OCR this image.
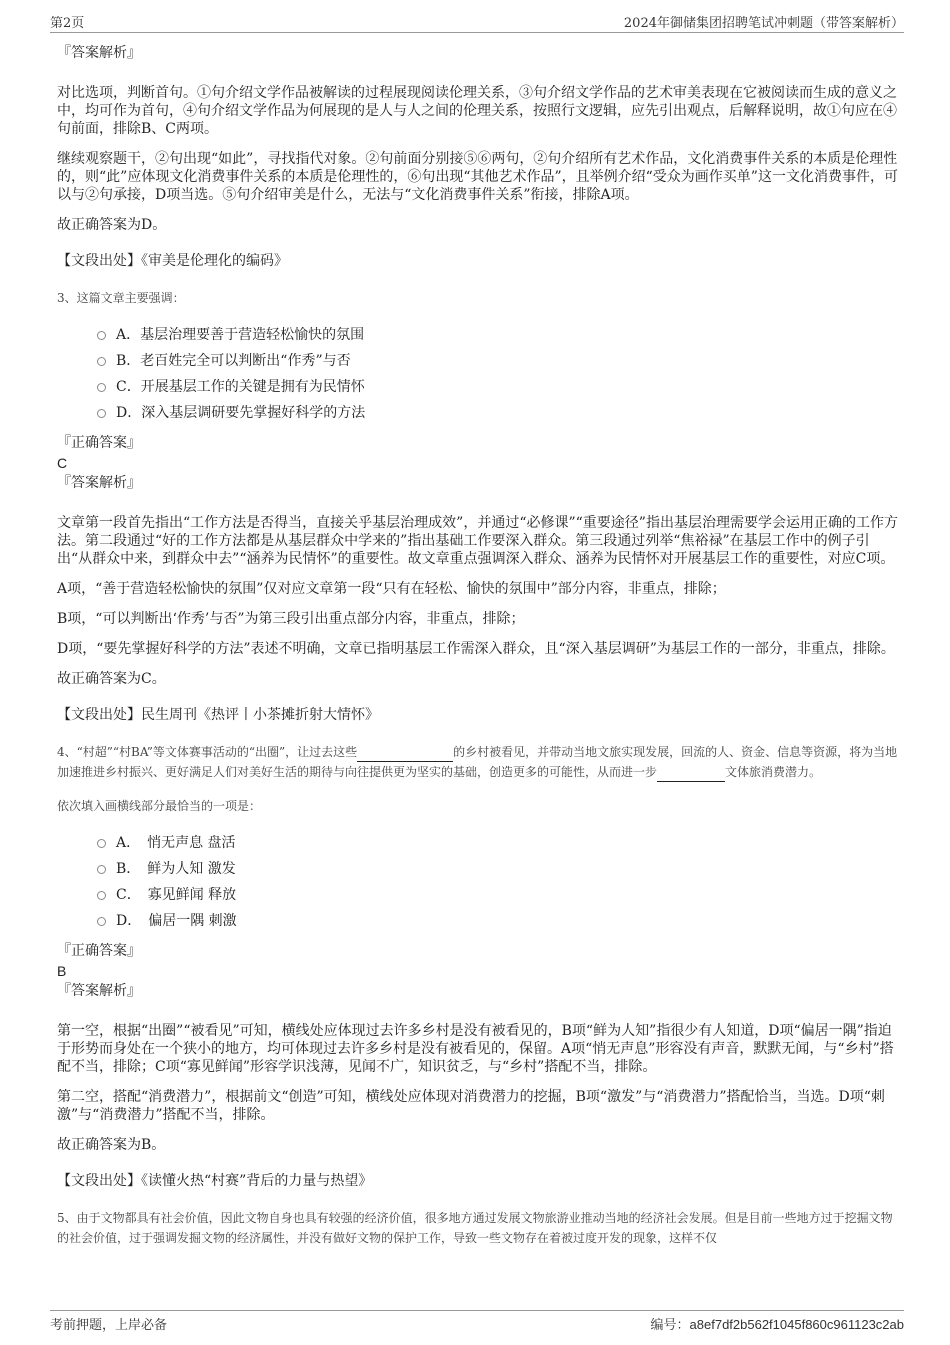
第2页	2024年御储集团招聘笔试冲刺题（带答案解析）

『答案解析』

对比选项，判断首句。①句介绍文学作品被解读的过程展现阅读伦理关系，③句介绍文学作品的艺术审美表现在它被阅读而生成的意义之中，均可作为首句，④句介绍文学作品为何展现的是人与人之间的伦理关系，按照行文逻辑，应先引出观点，后解释说明，故①句应在④句前面，排除B、C两项。

继续观察题干，②句出现“如此”，寻找指代对象。②句前面分别接⑤⑥两句，②句介绍所有艺术作品，文化消费事件关系的本质是伦理性的，则“此”应体现文化消费事件关系的本质是伦理性的，⑥句出现“其他艺术作品”，且举例介绍“受众为画作买单”这一文化消费事件，可以与②句承接，D项当选。⑤句介绍审美是什么，无法与“文化消费事件关系”衔接，排除A项。

故正确答案为D。

【文段出处】《审美是伦理化的编码》

3、这篇文章主要强调：

A．基层治理要善于营造轻松愉快的氛围
B．老百姓完全可以判断出“作秀”与否
C．开展基层工作的关键是拥有为民情怀
D．深入基层调研要先掌握好科学的方法

『正确答案』

C

『答案解析』

文章第一段首先指出“工作方法是否得当，直接关乎基层治理成效”，并通过“必修课”“重要途径”指出基层治理需要学会运用正确的工作方法。第二段通过“好的工作方法都是从基层群众中学来的”指出基础工作要深入群众。第三段通过列举“焦裕禄”在基层工作中的例子引出“从群众中来，到群众中去”“涵养为民情怀”的重要性。故文章重点强调深入群众、涵养为民情怀对开展基层工作的重要性，对应C项。

A项，“善于营造轻松愉快的氛围”仅对应文章第一段“只有在轻松、愉快的氛围中”部分内容，非重点，排除；

B项，“可以判断出‘作秀’与否”为第三段引出重点部分内容，非重点，排除；

D项，“要先掌握好科学的方法”表述不明确，文章已指明基层工作需深入群众，且“深入基层调研”为基层工作的一部分，非重点，排除。

故正确答案为C。

【文段出处】民生周刊《热评丨小茶摊折射大情怀》

4、“村超”“村BA”等文体赛事活动的“出圈”，让过去这些	的乡村被看见，并带动当地文旅实现发展，回流的人、资金、信息等资源，将为当地加速推进乡村振兴、更好满足人们对美好生活的期待与向往提供更为坚实的基础，创造更多的可能性，从而进一步	文体旅消费潜力。

依次填入画横线部分最恰当的一项是：

A．　悄无声息 盘活
B．　鲜为人知 激发
C．　寡见鲜闻 释放
D．　偏居一隅 刺激

『正确答案』

B

『答案解析』

第一空，根据“出圈”“被看见”可知，横线处应体现过去许多乡村是没有被看见的，B项“鲜为人知”指很少有人知道，D项“偏居一隅”指迫于形势而身处在一个狭小的地方，均可体现过去许多乡村是没有被看见的，保留。A项“悄无声息”形容没有声音，默默无闻，与“乡村”搭配不当，排除；C项“寡见鲜闻”形容学识浅薄，见闻不广，知识贫乏，与“乡村”搭配不当，排除。

第二空，搭配“消费潜力”，根据前文“创造”可知，横线处应体现对消费潜力的挖掘，B项“激发”与“消费潜力”搭配恰当，当选。D项“刺激”与“消费潜力”搭配不当，排除。

故正确答案为B。

【文段出处】《读懂火热“村赛”背后的力量与热望》

5、由于文物都具有社会价值，因此文物自身也具有较强的经济价值，很多地方通过发展文物旅游业推动当地的经济社会发展。但是目前一些地方过于挖掘文物的社会价值，过于强调发掘文物的经济属性，并没有做好文物的保护工作，导致一些文物存在着被过度开发的现象，这样不仅

考前押题，上岸必备	编号：a8ef7df2b562f1045f860c961123c2ab
